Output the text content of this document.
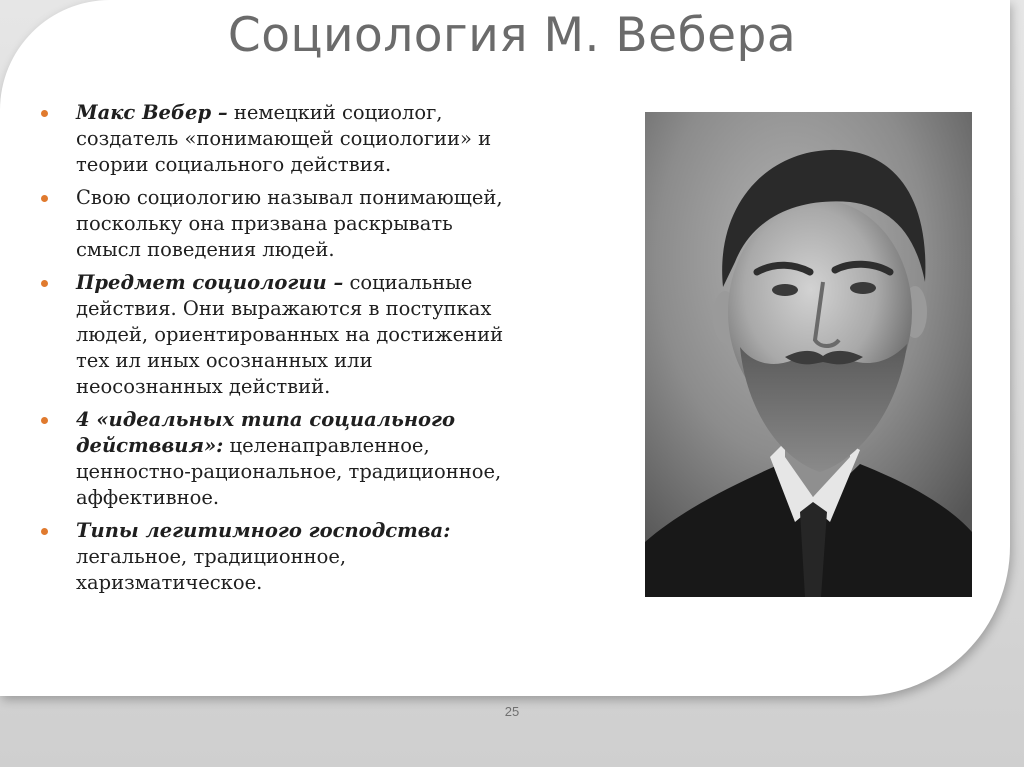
Социология М. Вебера
Макс Вебер – немецкий социолог, создатель «понимающей социологии» и теории социального действия.
Свою социологию называл понимающей, поскольку она призвана раскрывать смысл поведения людей.
Предмет социологии – социальные действия. Они выражаются в поступках людей, ориентированных на достижений тех ил иных осознанных или неосознанных действий.
4 «идеальных типа социального действвия»: целенаправленное, ценностно-рациональное, традиционное, аффективное.
Типы легитимного господства: легальное, традиционное, харизматическое.
25
